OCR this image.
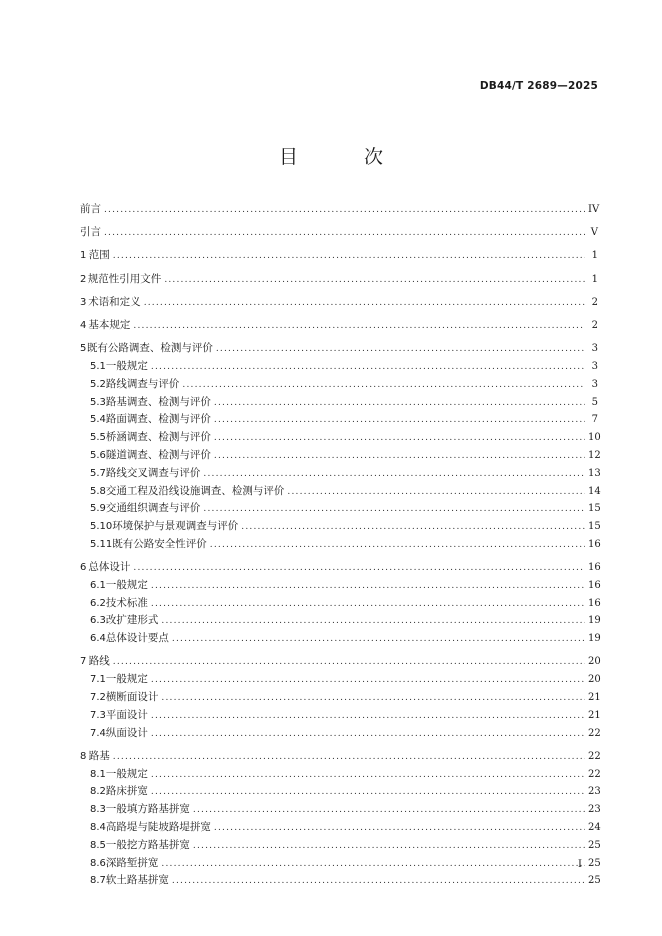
DB44/T 2689—2025
目 次
前言 .....	IV
引言 .....	V
1 范围 .....	1
2 规范性引用文件 .....	1
3 术语和定义 .....	2
4 基本规定 .....	2
5 既有公路调查、检测与评价 .....	3
5.1 一般规定 .....	3
5.2 路线调查与评价 .....	3
5.3 路基调查、检测与评价 .....	5
5.4 路面调查、检测与评价 .....	7
5.5 桥涵调查、检测与评价 .....	10
5.6 隧道调查、检测与评价 .....	12
5.7 路线交叉调查与评价 .....	13
5.8 交通工程及沿线设施调查、检测与评价 .....	14
5.9 交通组织调查与评价 .....	15
5.10 环境保护与景观调查与评价 .....	15
5.11 既有公路安全性评价 .....	16
6 总体设计 .....	16
6.1 一般规定 .....	16
6.2 技术标准 .....	16
6.3 改扩建形式 .....	19
6.4 总体设计要点 .....	19
7 路线 .....	20
7.1 一般规定 .....	20
7.2 横断面设计 .....	21
7.3 平面设计 .....	21
7.4 纵面设计 .....	22
8 路基 .....	22
8.1 一般规定 .....	22
8.2 路床拼宽 .....	23
8.3 一般填方路基拼宽 .....	23
8.4 高路堤与陡坡路堤拼宽 .....	24
8.5 一般挖方路基拼宽 .....	25
8.6 深路堑拼宽 .....	25
8.7 软土路基拼宽 .....	25
I
